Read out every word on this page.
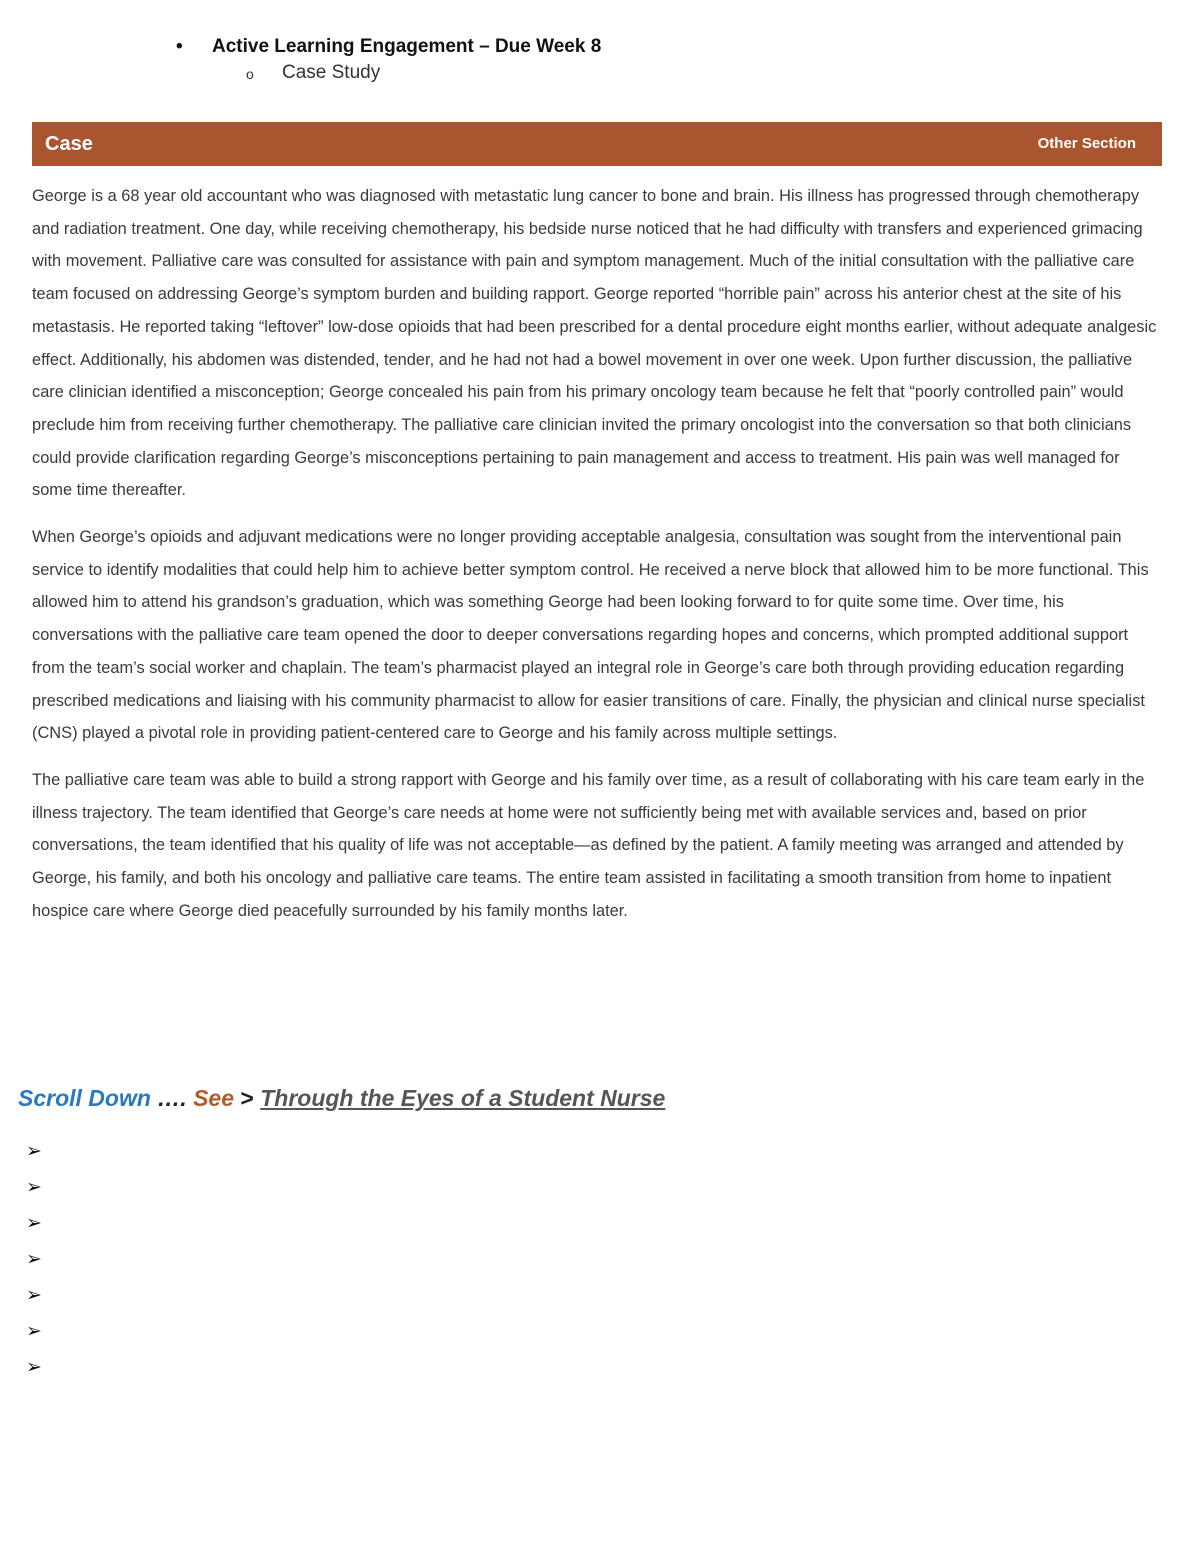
• Active Learning Engagement – Due Week 8
o Case Study
Case	Other Section

George is a 68 year old accountant who was diagnosed with metastatic lung cancer to bone and brain. His illness has progressed through chemotherapy and radiation treatment. One day, while receiving chemotherapy, his bedside nurse noticed that he had difficulty with transfers and experienced grimacing with movement. Palliative care was consulted for assistance with pain and symptom management. Much of the initial consultation with the palliative care team focused on addressing George’s symptom burden and building rapport. George reported “horrible pain” across his anterior chest at the site of his metastasis. He reported taking “leftover” low-dose opioids that had been prescribed for a dental procedure eight months earlier, without adequate analgesic effect. Additionally, his abdomen was distended, tender, and he had not had a bowel movement in over one week. Upon further discussion, the palliative care clinician identified a misconception; George concealed his pain from his primary oncology team because he felt that “poorly controlled pain” would preclude him from receiving further chemotherapy. The palliative care clinician invited the primary oncologist into the conversation so that both clinicians could provide clarification regarding George’s misconceptions pertaining to pain management and access to treatment. His pain was well managed for some time thereafter.

When George’s opioids and adjuvant medications were no longer providing acceptable analgesia, consultation was sought from the interventional pain service to identify modalities that could help him to achieve better symptom control. He received a nerve block that allowed him to be more functional. This allowed him to attend his grandson’s graduation, which was something George had been looking forward to for quite some time. Over time, his conversations with the palliative care team opened the door to deeper conversations regarding hopes and concerns, which prompted additional support from the team’s social worker and chaplain. The team’s pharmacist played an integral role in George’s care both through providing education regarding prescribed medications and liaising with his community pharmacist to allow for easier transitions of care. Finally, the physician and clinical nurse specialist (CNS) played a pivotal role in providing patient-centered care to George and his family across multiple settings.

The palliative care team was able to build a strong rapport with George and his family over time, as a result of collaborating with his care team early in the illness trajectory. The team identified that George’s care needs at home were not sufficiently being met with available services and, based on prior conversations, the team identified that his quality of life was not acceptable—as defined by the patient. A family meeting was arranged and attended by George, his family, and both his oncology and palliative care teams. The entire team assisted in facilitating a smooth transition from home to inpatient hospice care where George died peacefully surrounded by his family months later.

Scroll Down …. See > Through the Eyes of a Student Nurse
➢
➢
➢
➢
➢
➢
➢
